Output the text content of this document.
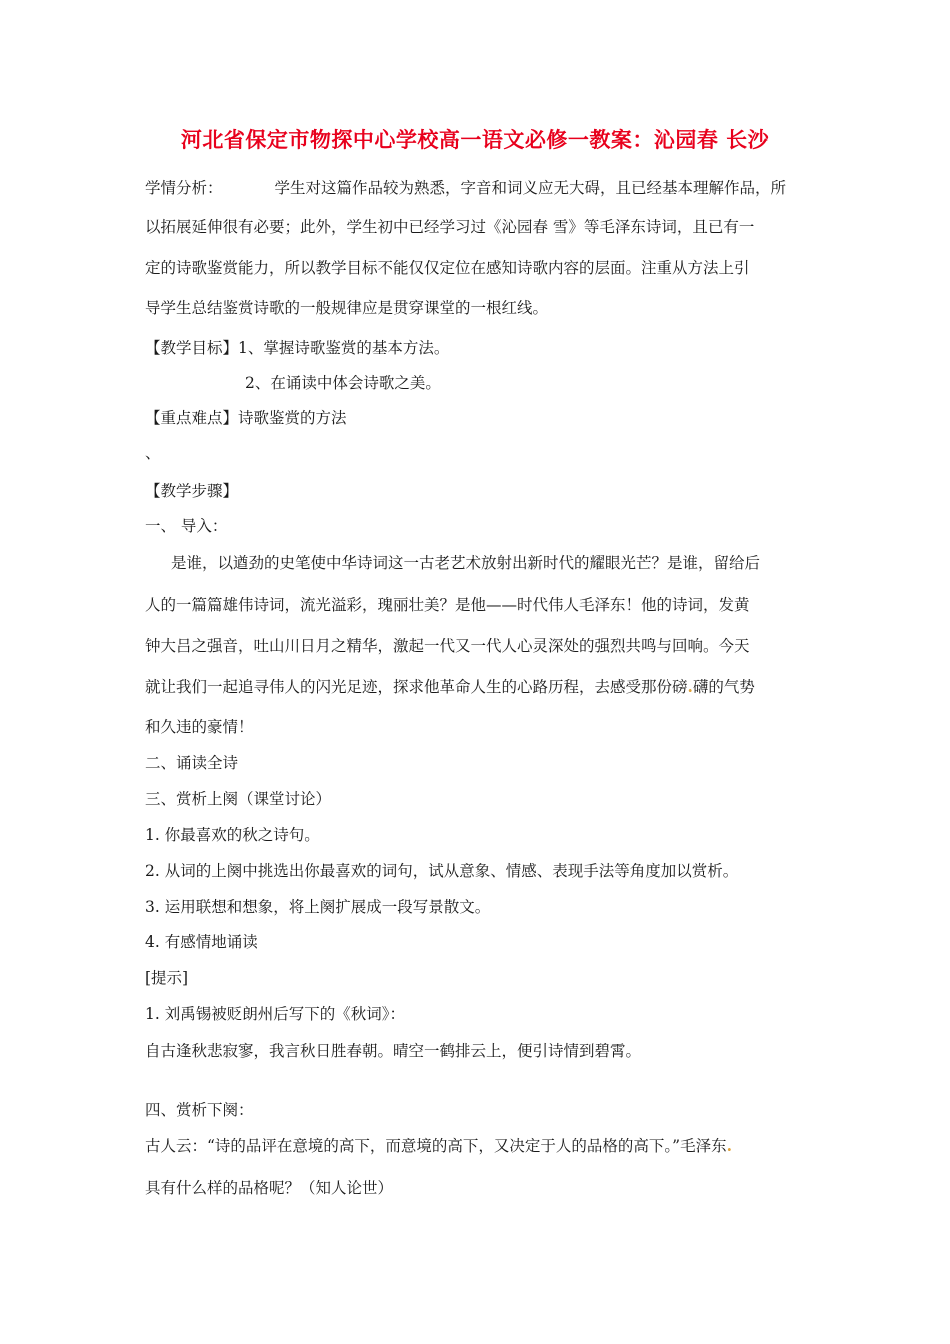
河北省保定市物探中心学校高一语文必修一教案：沁园春 长沙
学情分析：	学生对这篇作品较为熟悉，字音和词义应无大碍，且已经基本理解作品，所
以拓展延伸很有必要；此外，学生初中已经学习过《沁园春 雪》等毛泽东诗词，且已有一
定的诗歌鉴赏能力，所以教学目标不能仅仅定位在感知诗歌内容的层面。注重从方法上引
导学生总结鉴赏诗歌的一般规律应是贯穿课堂的一根红线。
【教学目标】1、掌握诗歌鉴赏的基本方法。
2、在诵读中体会诗歌之美。
【重点难点】诗歌鉴赏的方法
、
【教学步骤】
一、 导入：
是谁，以遒劲的史笔使中华诗词这一古老艺术放射出新时代的耀眼光芒？是谁，留给后
人的一篇篇雄伟诗词，流光溢彩，瑰丽壮美？是他——时代伟人毛泽东！他的诗词，发黄
钟大吕之强音，吐山川日月之精华，激起一代又一代人心灵深处的强烈共鸣与回响。今天
就让我们一起追寻伟人的闪光足迹，探求他革命人生的心路历程，去感受那份磅.礴的气势
和久违的豪情！
二、诵读全诗
三、赏析上阕（课堂讨论）
1. 你最喜欢的秋之诗句。
2. 从词的上阕中挑选出你最喜欢的词句，试从意象、情感、表现手法等角度加以赏析。
3. 运用联想和想象，将上阕扩展成一段写景散文。
4. 有感情地诵读
[提示]
1. 刘禹锡被贬朗州后写下的《秋词》：
自古逢秋悲寂寥，我言秋日胜春朝。晴空一鹤排云上，便引诗情到碧霄。
四、赏析下阕：
古人云：“诗的品评在意境的高下，而意境的高下，又决定于人的品格的高下。”毛泽东.
具有什么样的品格呢？（知人论世）
